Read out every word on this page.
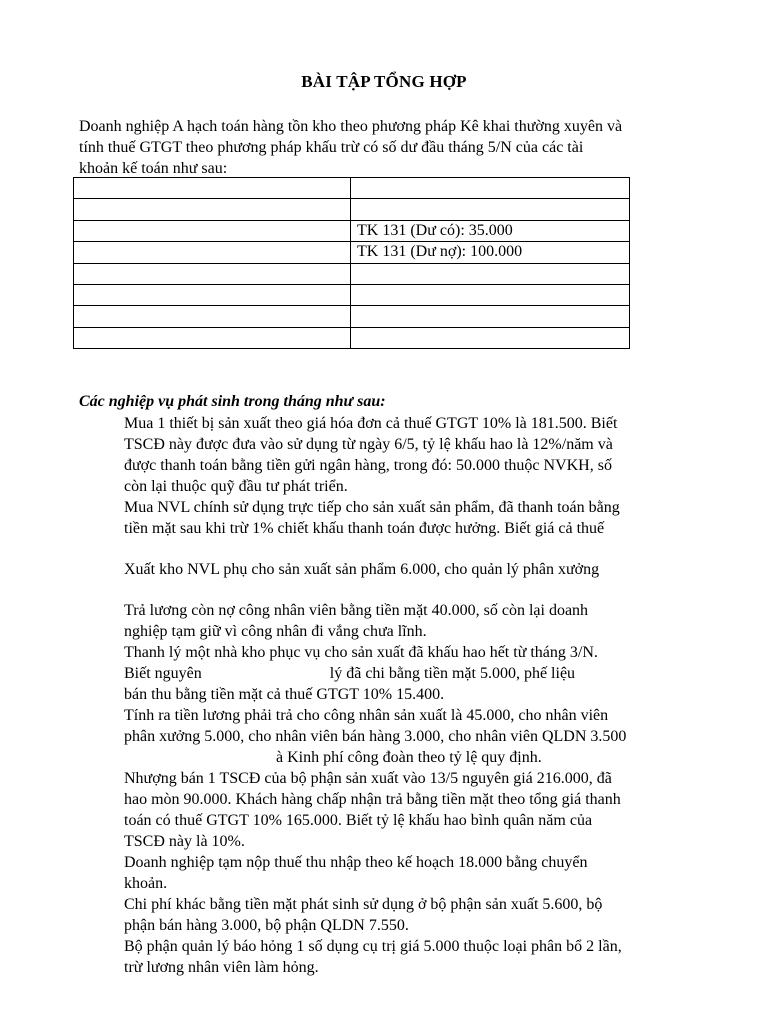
BÀI TẬP TỔNG HỢP
Doanh nghiệp A hạch toán hàng tồn kho theo phương pháp Kê khai thường xuyên và
tính thuế GTGT theo phương pháp khấu trừ có số dư đầu tháng 5/N của các tài
khoản kế toán như sau:

	TK 131 (Dư có): 35.000
	TK 131 (Dư nợ): 100.000

Các nghiệp vụ phát sinh trong tháng như sau:
Mua 1 thiết bị sản xuất theo giá hóa đơn cả thuế GTGT 10% là 181.500. Biết
TSCĐ này được đưa vào sử dụng từ ngày 6/5, tỷ lệ khấu hao là 12%/năm và
được thanh toán bằng tiền gửi ngân hàng, trong đó: 50.000 thuộc NVKH, số
còn lại thuộc quỹ đầu tư phát triển.
Mua NVL chính sử dụng trực tiếp cho sản xuất sản phẩm, đã thanh toán bằng
tiền mặt sau khi trừ 1% chiết khấu thanh toán được hưởng. Biết giá cả thuế
Xuất kho NVL phụ cho sản xuất sản phẩm 6.000, cho quản lý phân xưởng
Trả lương còn nợ công nhân viên bằng tiền mặt 40.000, số còn lại doanh
nghiệp tạm giữ vì công nhân đi vắng chưa lĩnh.
Thanh lý một nhà kho phục vụ cho sản xuất đã khấu hao hết từ tháng 3/N.
Biết nguyên                                lý đã chi bằng tiền mặt 5.000, phế liệu
bán thu bằng tiền mặt cả thuế GTGT 10% 15.400.
Tính ra tiền lương phải trả cho công nhân sản xuất là 45.000, cho nhân viên
phân xưởng 5.000, cho nhân viên bán hàng 3.000, cho nhân viên QLDN 3.500
à Kinh phí công đoàn theo tỷ lệ quy định.
Nhượng bán 1 TSCĐ của bộ phận sản xuất vào 13/5 nguyên giá 216.000, đã
hao mòn 90.000. Khách hàng chấp nhận trả bằng tiền mặt theo tổng giá thanh
toán có thuế GTGT 10% 165.000. Biết tỷ lệ khấu hao bình quân năm của
TSCĐ này là 10%.
Doanh nghiệp tạm nộp thuế thu nhập theo kế hoạch 18.000 bằng chuyển
khoản.
Chi phí khác bằng tiền mặt phát sinh sử dụng ở bộ phận sản xuất 5.600, bộ
phận bán hàng 3.000, bộ phận QLDN 7.550.
Bộ phận quản lý báo hỏng 1 số dụng cụ trị giá 5.000 thuộc loại phân bổ 2 lần,
trừ lương nhân viên làm hỏng.
